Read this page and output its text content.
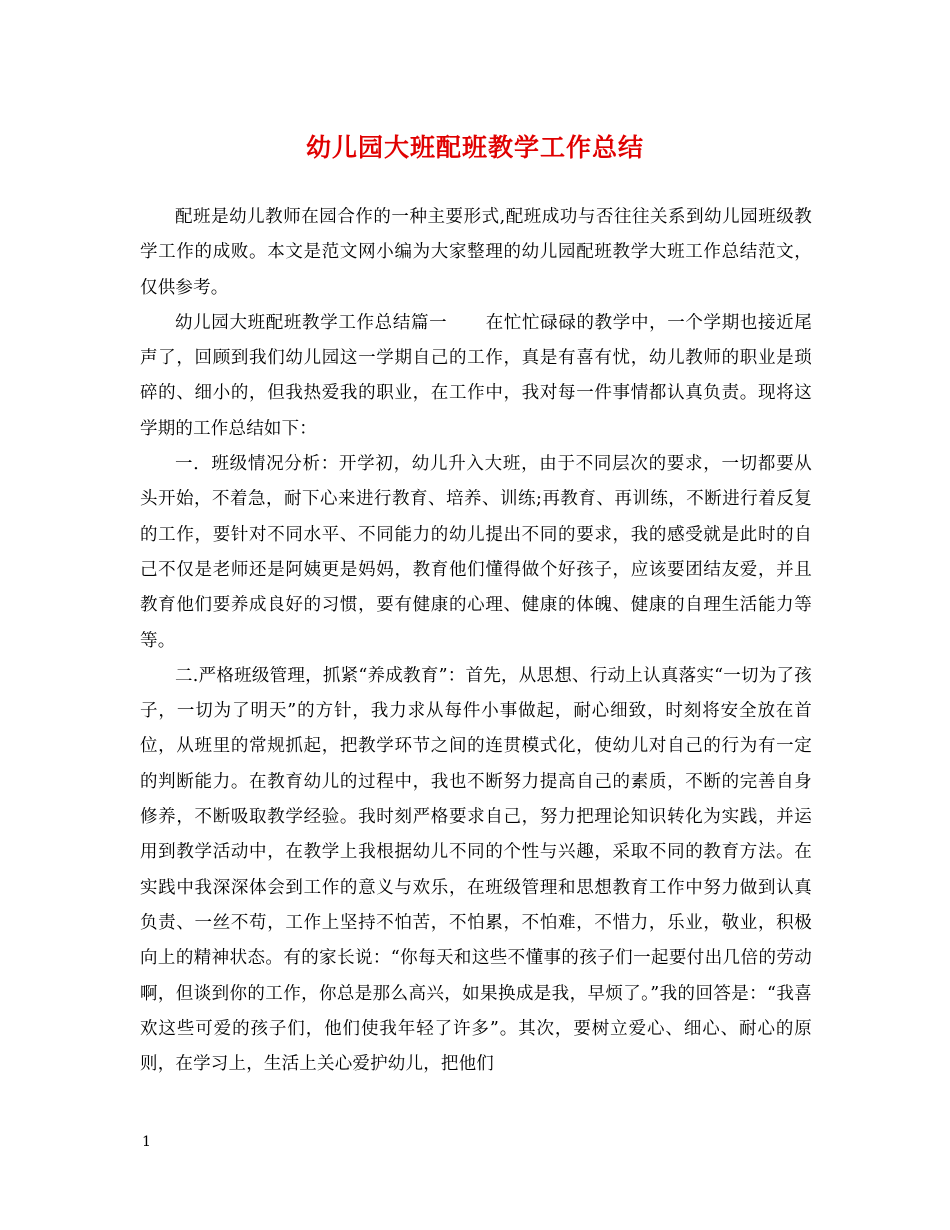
幼儿园大班配班教学工作总结

配班是幼儿教师在园合作的一种主要形式,配班成功与否往往关系到幼儿园班级教学工作的成败。本文是范文网小编为大家整理的幼儿园配班教学大班工作总结范文，仅供参考。

幼儿园大班配班教学工作总结篇一 在忙忙碌碌的教学中，一个学期也接近尾声了，回顾到我们幼儿园这一学期自己的工作，真是有喜有忧，幼儿教师的职业是琐碎的、细小的，但我热爱我的职业，在工作中，我对每一件事情都认真负责。现将这学期的工作总结如下：

一．班级情况分析：开学初，幼儿升入大班，由于不同层次的要求，一切都要从头开始，不着急，耐下心来进行教育、培养、训练;再教育、再训练，不断进行着反复的工作，要针对不同水平、不同能力的幼儿提出不同的要求，我的感受就是此时的自己不仅是老师还是阿姨更是妈妈，教育他们懂得做个好孩子，应该要团结友爱，并且教育他们要养成良好的习惯，要有健康的心理、健康的体魄、健康的自理生活能力等等。

二.严格班级管理，抓紧“养成教育”：首先，从思想、行动上认真落实“一切为了孩子，一切为了明天”的方针，我力求从每件小事做起，耐心细致，时刻将安全放在首位，从班里的常规抓起，把教学环节之间的连贯模式化，使幼儿对自己的行为有一定的判断能力。在教育幼儿的过程中，我也不断努力提高自己的素质，不断的完善自身修养，不断吸取教学经验。我时刻严格要求自己，努力把理论知识转化为实践，并运用到教学活动中，在教学上我根据幼儿不同的个性与兴趣，采取不同的教育方法。在实践中我深深体会到工作的意义与欢乐，在班级管理和思想教育工作中努力做到认真负责、一丝不苟，工作上坚持不怕苦，不怕累，不怕难，不惜力，乐业，敬业，积极向上的精神状态。有的家长说：“你每天和这些不懂事的孩子们一起要付出几倍的劳动啊，但谈到你的工作，你总是那么高兴，如果换成是我，早烦了。”我的回答是：“我喜欢这些可爱的孩子们，他们使我年轻了许多”。其次，要树立爱心、细心、耐心的原则，在学习上，生活上关心爱护幼儿，把他们

1
